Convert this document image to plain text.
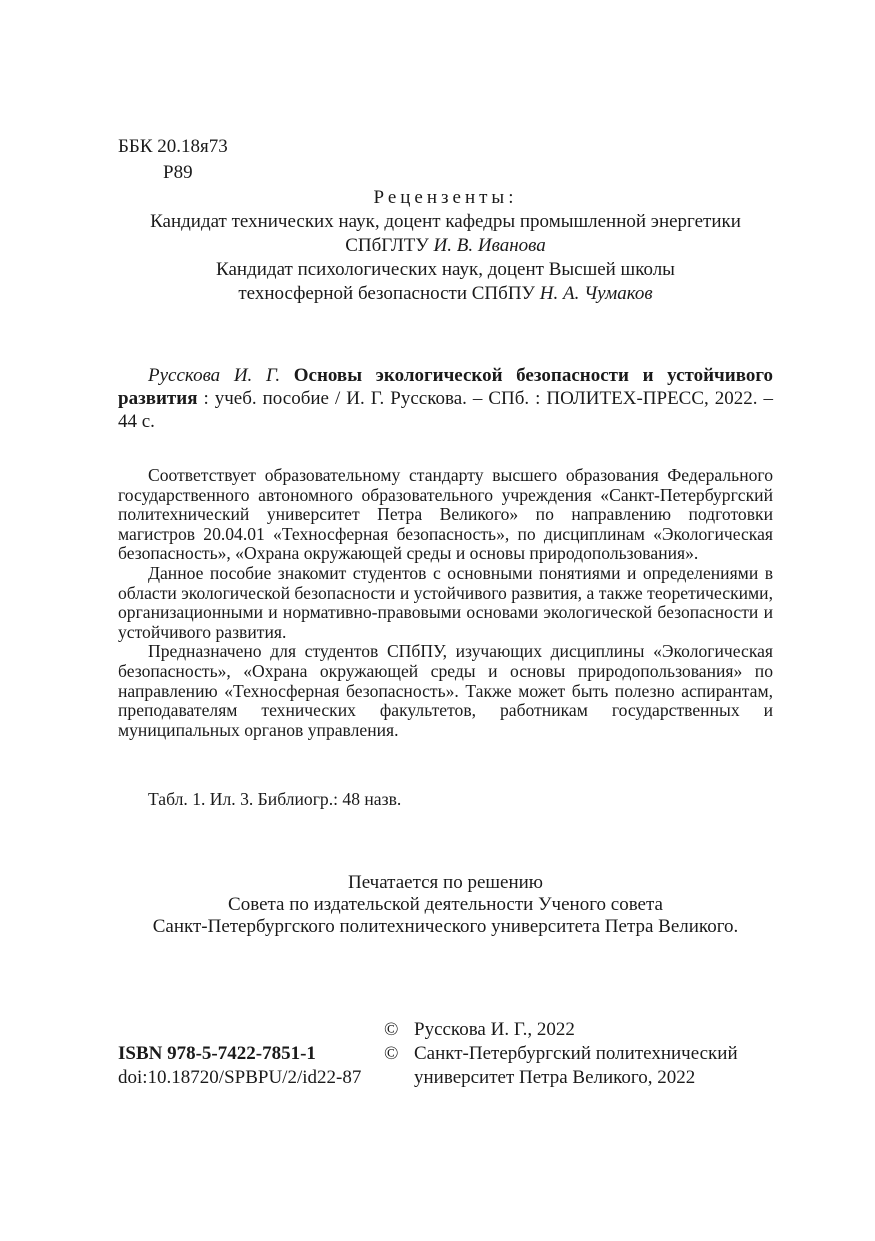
ББК 20.18я73
Р89
Рецензенты:
Кандидат технических наук, доцент кафедры промышленной энергетики
СПбГЛТУ И. В. Иванова
Кандидат психологических наук, доцент Высшей школы
техносферной безопасности СПбПУ Н. А. Чумаков
Русскова И. Г. Основы экологической безопасности и устойчивого развития : учеб. пособие / И. Г. Русскова. – СПб. : ПОЛИТЕХ-ПРЕСС, 2022. – 44 с.

Соответствует образовательному стандарту высшего образования Федерального государственного автономного образовательного учреждения «Санкт-Петербургский политехнический университет Петра Великого» по направлению подготовки магистров 20.04.01 «Техносферная безопасность», по дисциплинам «Экологическая безопасность», «Охрана окружающей среды и основы природопользования».

Данное пособие знакомит студентов с основными понятиями и определениями в области экологической безопасности и устойчивого развития, а также теоретическими, организационными и нормативно-правовыми основами экологической безопасности и устойчивого развития.

Предназначено для студентов СПбПУ, изучающих дисциплины «Экологическая безопасность», «Охрана окружающей среды и основы природопользования» по направлению «Техносферная безопасность». Также может быть полезно аспирантам, преподавателям технических факультетов, работникам государственных и муниципальных органов управления.

Табл. 1. Ил. 3. Библиогр.: 48 назв.
Печатается по решению
Совета по издательской деятельности Ученого совета
Санкт-Петербургского политехнического университета Петра Великого.
© Русскова И. Г., 2022
ISBN 978-5-7422-7851-1	© Санкт-Петербургский политехнический
doi:10.18720/SPBPU/2/id22-87	университет Петра Великого, 2022
